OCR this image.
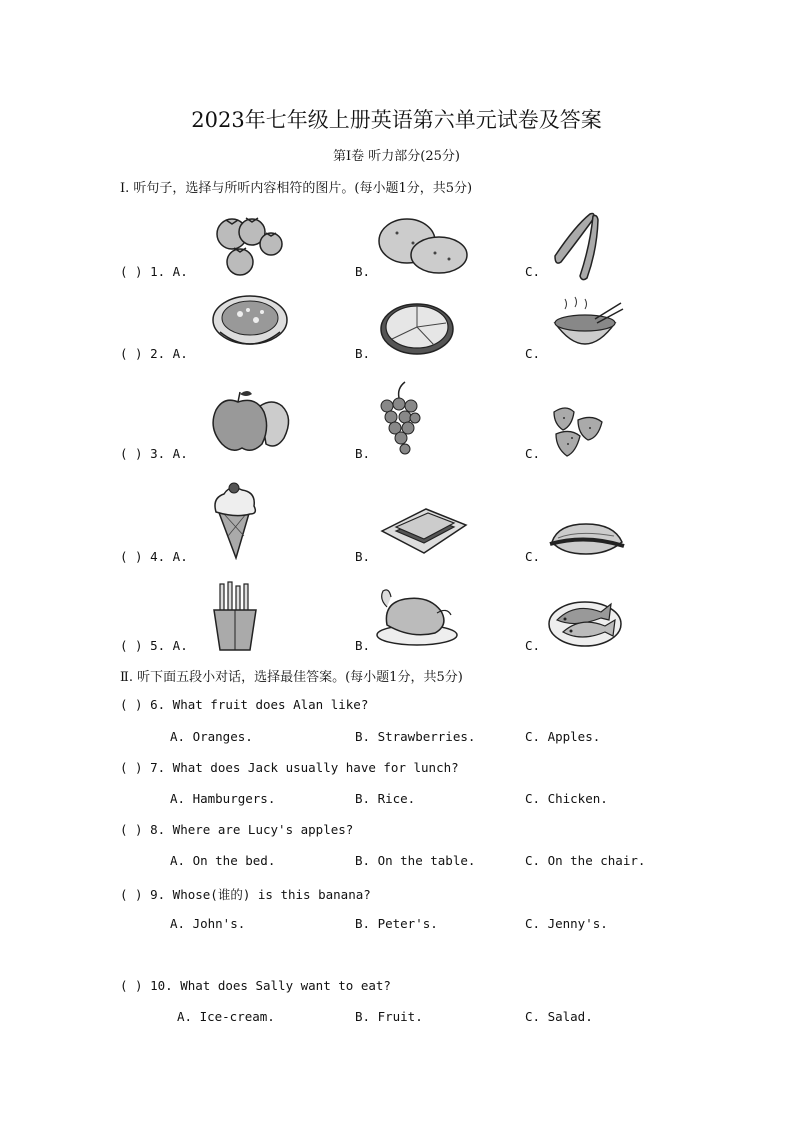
2023年七年级上册英语第六单元试卷及答案
第Ⅰ卷 听力部分(25分)
Ⅰ. 听句子，选择与所听内容相符的图片。(每小题1分，共5分)
( ) 1. A.	B.	C.
( ) 2. A.	B.	C.
( ) 3. A.	B.	C.
( ) 4. A.	B.	C.
( ) 5. A.	B.	C.
Ⅱ. 听下面五段小对话，选择最佳答案。(每小题1分，共5分)
( ) 6. What fruit does Alan like?
A. Oranges.	B. Strawberries.	C. Apples.
( ) 7. What does Jack usually have for lunch?
A. Hamburgers.	B. Rice.	C. Chicken.
( ) 8. Where are Lucy's apples?
A. On the bed.	B. On the table.	C. On the chair.
( ) 9. Whose(谁的) is this banana?
A. John's.	B. Peter's.	C. Jenny's.
( ) 10. What does Sally want to eat?
A. Ice-cream.	B. Fruit.	C. Salad.
